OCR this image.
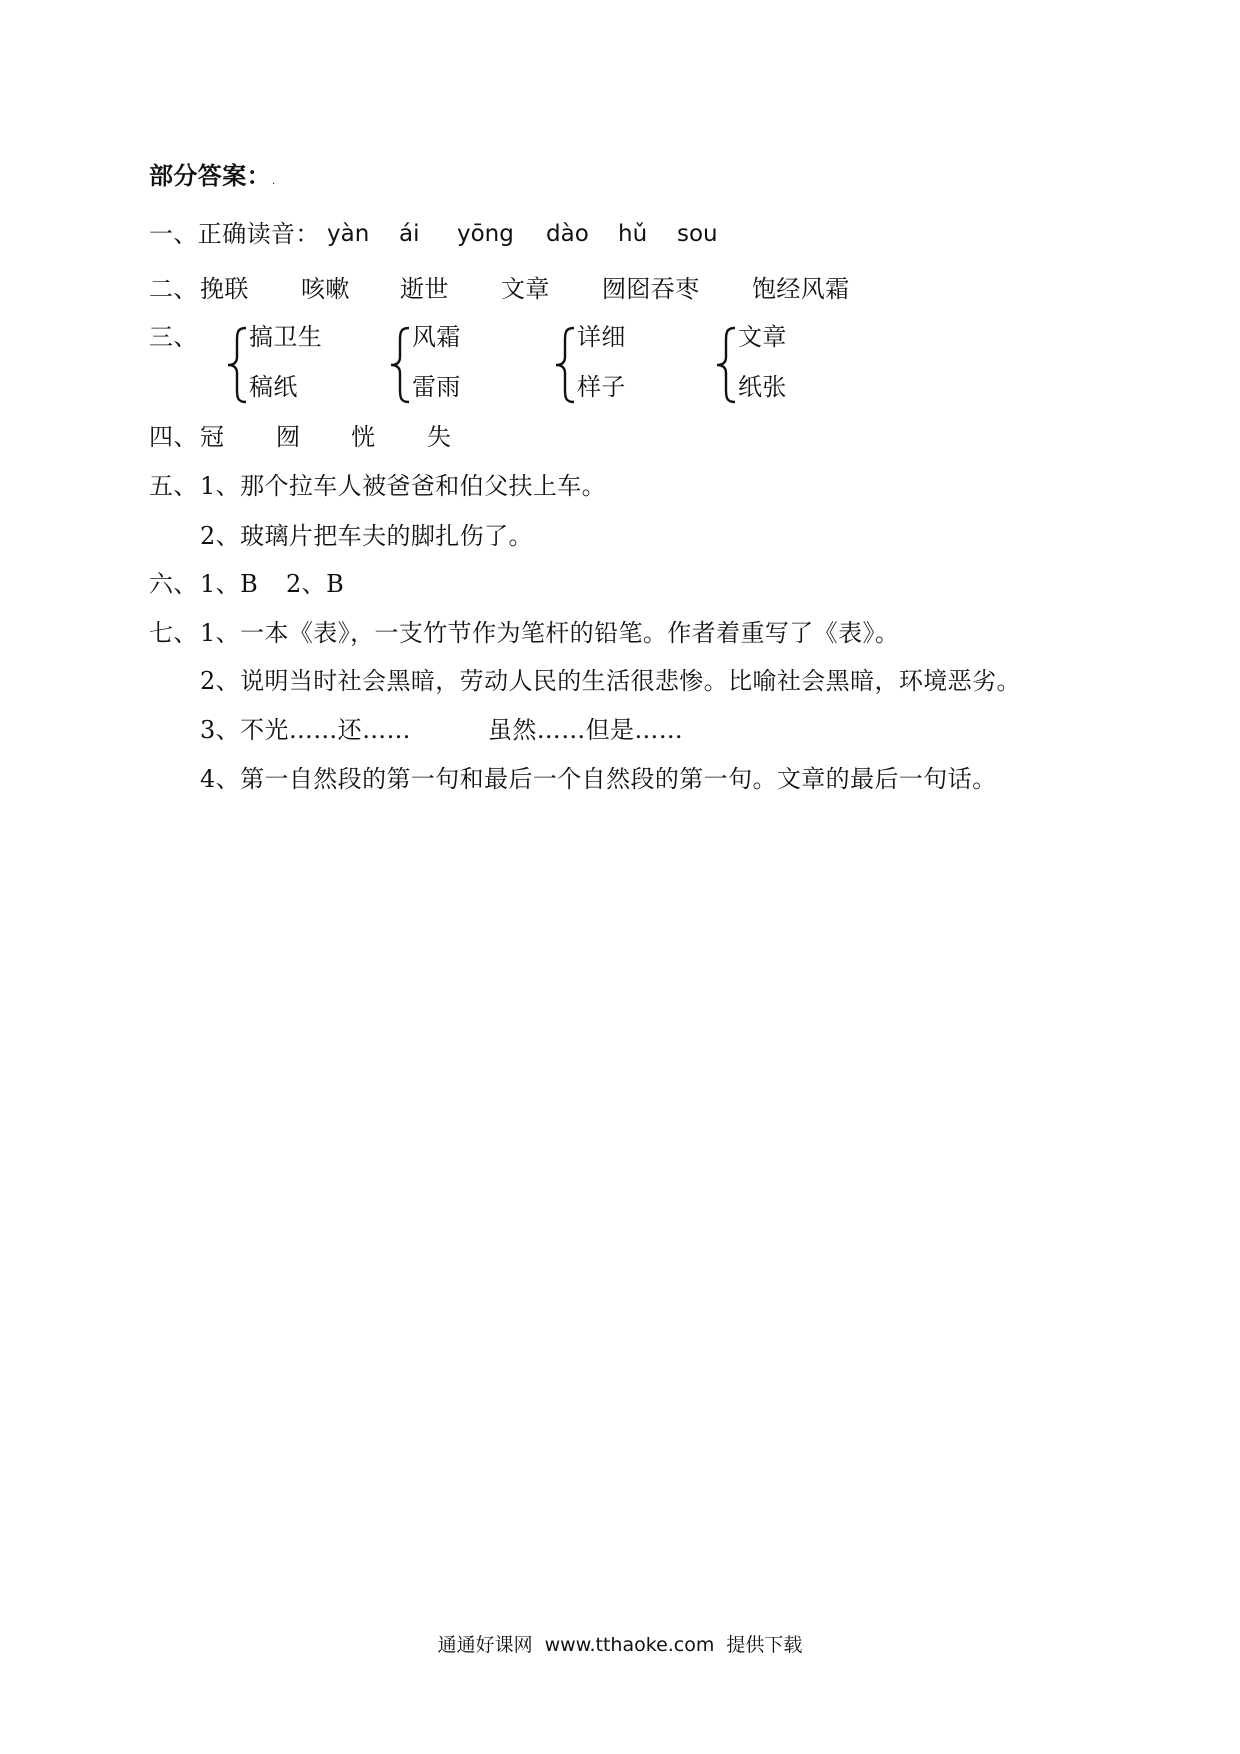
部分答案： .
一、正确读音： yàn ái yōng dào hǔ sou
二、 挽联 咳嗽 逝世 文章 囫囵吞枣 饱经风霜
三、 搞卫生
稿纸
风霜
雷雨
详细
样子
文章
纸张
四、 冠 囫 恍 失
五、 1、那个拉车人被爸爸和伯父扶上车。
2、玻璃片把车夫的脚扎伤了。
六、 1、B 2、B
七、 1、一本《表》，一支竹节作为笔杆的铅笔。作者着重写了《表》。
2、说明当时社会黑暗，劳动人民的生活很悲惨。比喻社会黑暗，环境恶劣。
3、不光……还……	虽然……但是……
4、第一自然段的第一句和最后一个自然段的第一句。文章的最后一句话。
通通好课网 www.tthaoke.com 提供下载
